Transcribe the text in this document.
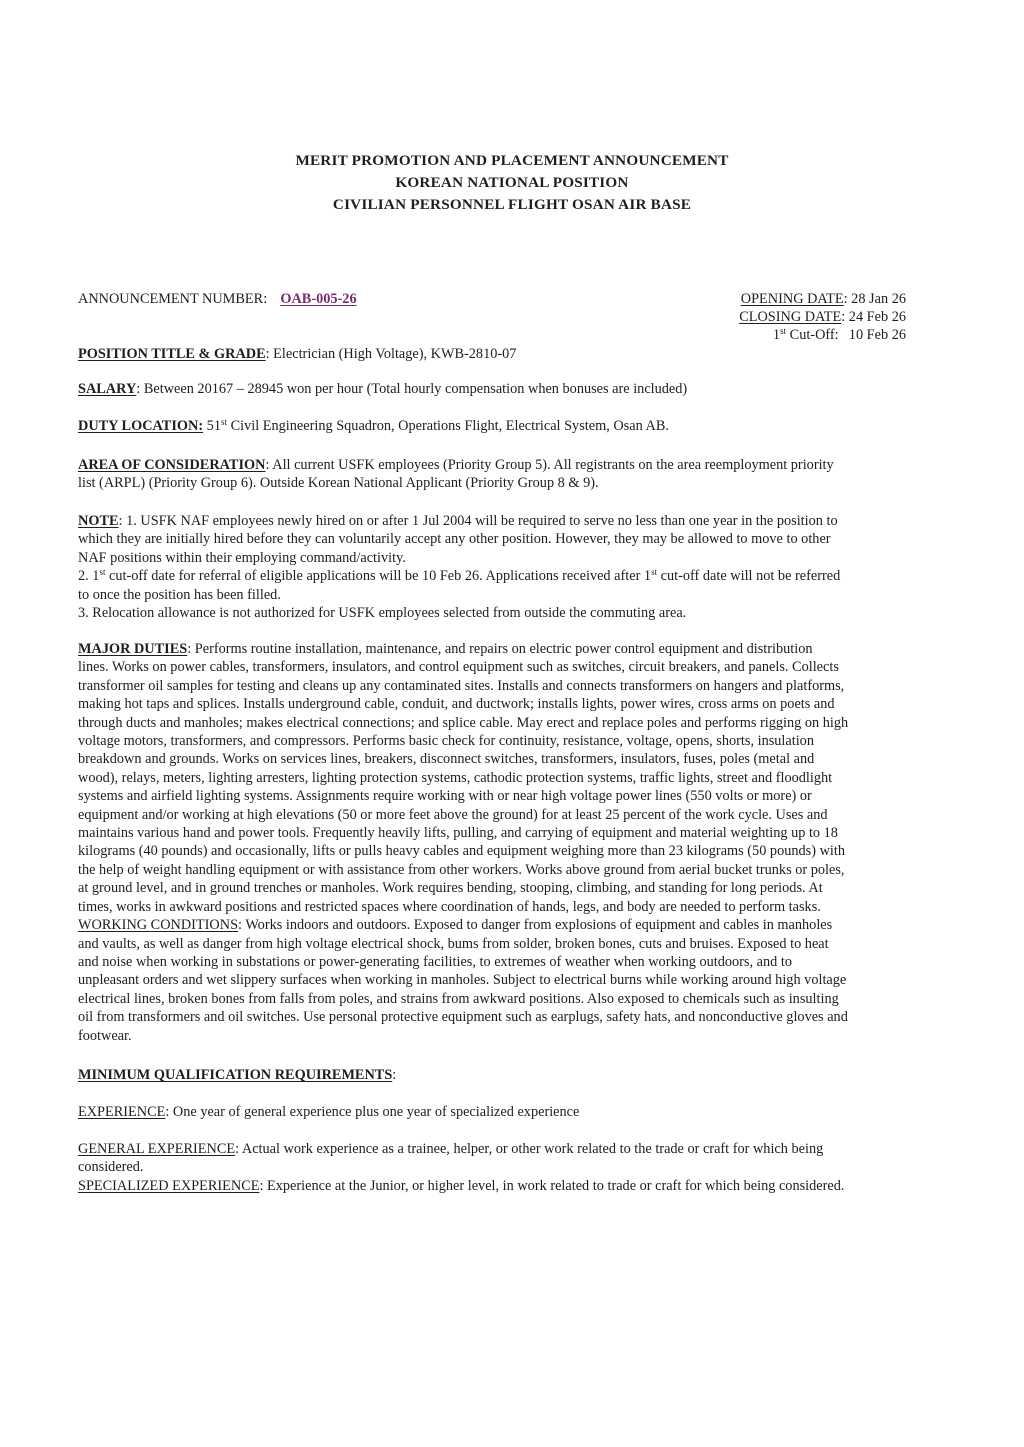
MERIT PROMOTION AND PLACEMENT ANNOUNCEMENT
KOREAN NATIONAL POSITION
CIVILIAN PERSONNEL FLIGHT OSAN AIR BASE
ANNOUNCEMENT NUMBER: OAB-005-26	OPENING DATE: 28 Jan 26
CLOSING DATE: 24 Feb 26
1st Cut-Off: 10 Feb 26
POSITION TITLE & GRADE: Electrician (High Voltage), KWB-2810-07
SALARY: Between 20167 – 28945 won per hour (Total hourly compensation when bonuses are included)
DUTY LOCATION: 51st Civil Engineering Squadron, Operations Flight, Electrical System, Osan AB.
AREA OF CONSIDERATION: All current USFK employees (Priority Group 5). All registrants on the area reemployment priority
list (ARPL) (Priority Group 6). Outside Korean National Applicant (Priority Group 8 & 9).
NOTE: 1. USFK NAF employees newly hired on or after 1 Jul 2004 will be required to serve no less than one year in the position to
which they are initially hired before they can voluntarily accept any other position. However, they may be allowed to move to other
NAF positions within their employing command/activity.
2. 1st cut-off date for referral of eligible applications will be 10 Feb 26. Applications received after 1st cut-off date will not be referred
to once the position has been filled.
3. Relocation allowance is not authorized for USFK employees selected from outside the commuting area.
MAJOR DUTIES: Performs routine installation, maintenance, and repairs on electric power control equipment and distribution
lines. Works on power cables, transformers, insulators, and control equipment such as switches, circuit breakers, and panels. Collects
transformer oil samples for testing and cleans up any contaminated sites. Installs and connects transformers on hangers and platforms,
making hot taps and splices. Installs underground cable, conduit, and ductwork; installs lights, power wires, cross arms on poets and
through ducts and manholes; makes electrical connections; and splice cable. May erect and replace poles and performs rigging on high
voltage motors, transformers, and compressors. Performs basic check for continuity, resistance, voltage, opens, shorts, insulation
breakdown and grounds. Works on services lines, breakers, disconnect switches, transformers, insulators, fuses, poles (metal and
wood), relays, meters, lighting arresters, lighting protection systems, cathodic protection systems, traffic lights, street and floodlight
systems and airfield lighting systems. Assignments require working with or near high voltage power lines (550 volts or more) or
equipment and/or working at high elevations (50 or more feet above the ground) for at least 25 percent of the work cycle. Uses and
maintains various hand and power tools. Frequently heavily lifts, pulling, and carrying of equipment and material weighting up to 18
kilograms (40 pounds) and occasionally, lifts or pulls heavy cables and equipment weighing more than 23 kilograms (50 pounds) with
the help of weight handling equipment or with assistance from other workers. Works above ground from aerial bucket trunks or poles,
at ground level, and in ground trenches or manholes. Work requires bending, stooping, climbing, and standing for long periods. At
times, works in awkward positions and restricted spaces where coordination of hands, legs, and body are needed to perform tasks.
WORKING CONDITIONS: Works indoors and outdoors. Exposed to danger from explosions of equipment and cables in manholes
and vaults, as well as danger from high voltage electrical shock, bums from solder, broken bones, cuts and bruises. Exposed to heat
and noise when working in substations or power-generating facilities, to extremes of weather when working outdoors, and to
unpleasant orders and wet slippery surfaces when working in manholes. Subject to electrical burns while working around high voltage
electrical lines, broken bones from falls from poles, and strains from awkward positions. Also exposed to chemicals such as insulting
oil from transformers and oil switches. Use personal protective equipment such as earplugs, safety hats, and nonconductive gloves and
footwear.
MINIMUM QUALIFICATION REQUIREMENTS:
EXPERIENCE: One year of general experience plus one year of specialized experience
GENERAL EXPERIENCE: Actual work experience as a trainee, helper, or other work related to the trade or craft for which being
considered.
SPECIALIZED EXPERIENCE: Experience at the Junior, or higher level, in work related to trade or craft for which being considered.
